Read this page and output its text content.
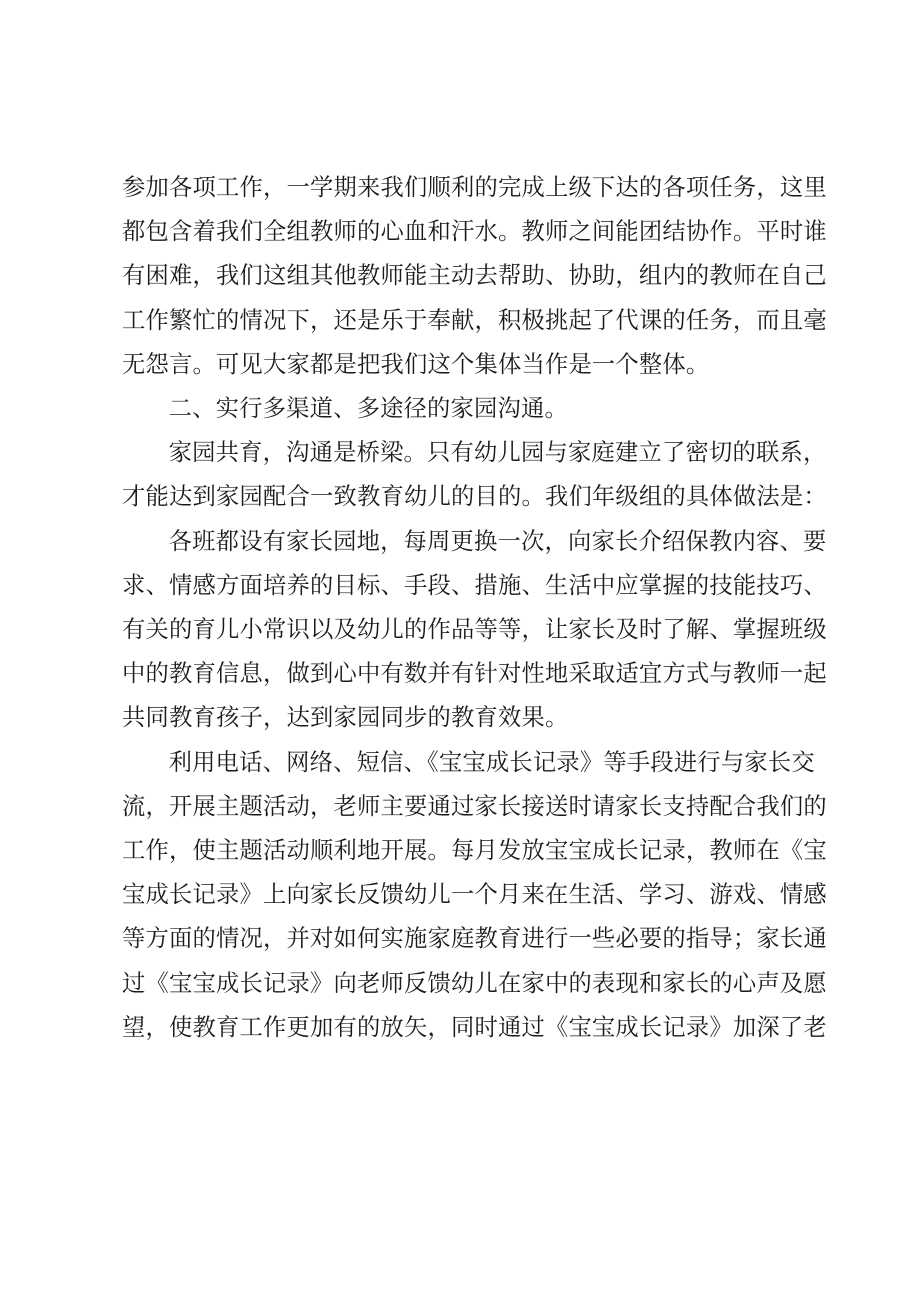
参加各项工作，一学期来我们顺利的完成上级下达的各项任务，这里
都包含着我们全组教师的心血和汗水。教师之间能团结协作。平时谁
有困难，我们这组其他教师能主动去帮助、协助，组内的教师在自己
工作繁忙的情况下，还是乐于奉献，积极挑起了代课的任务，而且毫
无怨言。可见大家都是把我们这个集体当作是一个整体。
二、实行多渠道、多途径的家园沟通。
家园共育，沟通是桥梁。只有幼儿园与家庭建立了密切的联系，
才能达到家园配合一致教育幼儿的目的。我们年级组的具体做法是：
各班都设有家长园地，每周更换一次，向家长介绍保教内容、要
求、情感方面培养的目标、手段、措施、生活中应掌握的技能技巧、
有关的育儿小常识以及幼儿的作品等等，让家长及时了解、掌握班级
中的教育信息，做到心中有数并有针对性地采取适宜方式与教师一起
共同教育孩子，达到家园同步的教育效果。
利用电话、网络、短信、《宝宝成长记录》等手段进行与家长交
流，开展主题活动，老师主要通过家长接送时请家长支持配合我们的
工作，使主题活动顺利地开展。每月发放宝宝成长记录，教师在《宝
宝成长记录》上向家长反馈幼儿一个月来在生活、学习、游戏、情感
等方面的情况，并对如何实施家庭教育进行一些必要的指导；家长通
过《宝宝成长记录》向老师反馈幼儿在家中的表现和家长的心声及愿
望，使教育工作更加有的放矢，同时通过《宝宝成长记录》加深了老
